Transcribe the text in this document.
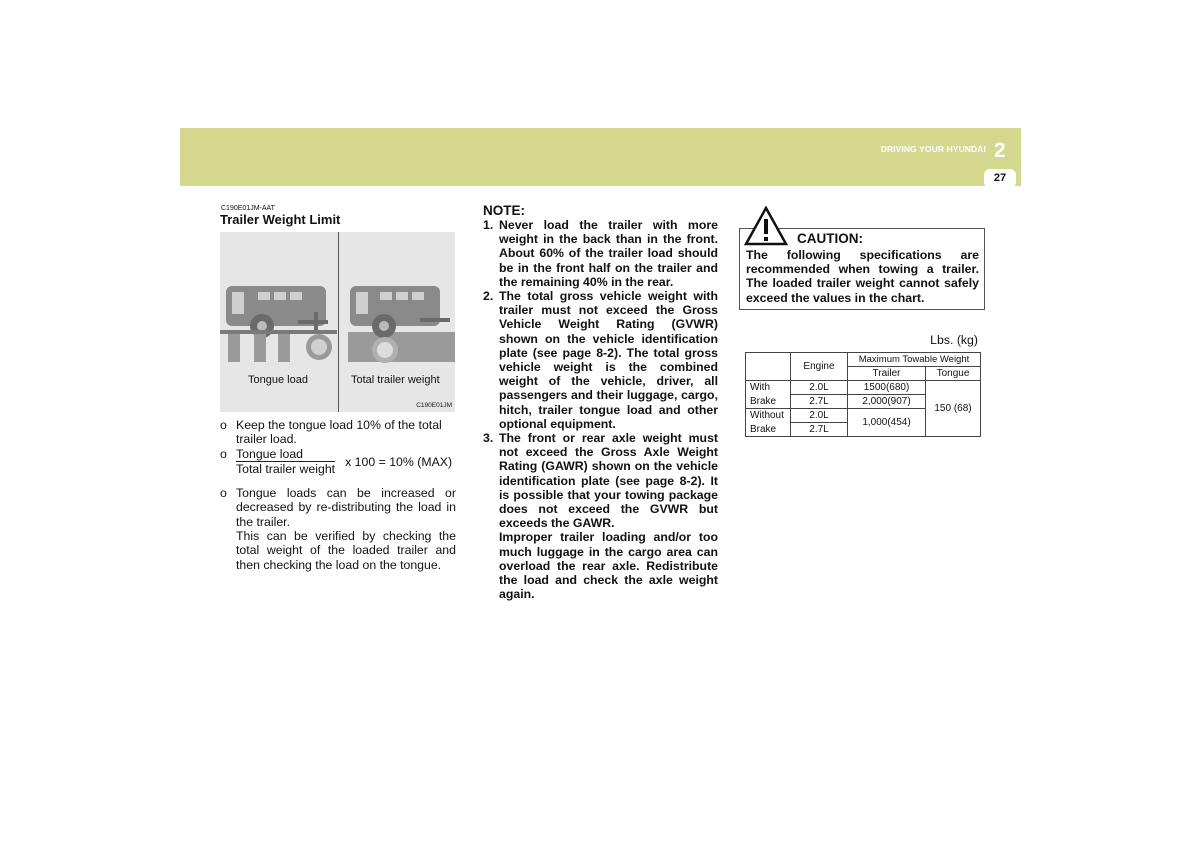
DRIVING YOUR HYUNDAI 2
27
C190E01JM-AAT
Trailer Weight Limit
Tongue load	Total trailer weight
C190E01JM
o Keep the tongue load 10% of the total trailer load.
o $\frac{\text{Tongue load}}{\text{Total trailer weight}}$ x 100 = 10% (MAX)
o Tongue loads can be increased or decreased by re-distributing the load in the trailer.
This can be verified by checking the total weight of the loaded trailer and then checking the load on the tongue.
NOTE:
1. Never load the trailer with more weight in the back than in the front. About 60% of the trailer load should be in the front half on the trailer and the remaining 40% in the rear.
2. The total gross vehicle weight with trailer must not exceed the Gross Vehicle Weight Rating (GVWR) shown on the vehicle identification plate (see page 8-2). The total gross vehicle weight is the combined weight of the vehicle, driver, all passengers and their luggage, cargo, hitch, trailer tongue load and other optional equipment.
3. The front or rear axle weight must not exceed the Gross Axle Weight Rating (GAWR) shown on the vehicle identification plate (see page 8-2). It is possible that your towing package does not exceed the GVWR but exceeds the GAWR.
Improper trailer loading and/or too much luggage in the cargo area can overload the rear axle. Redistribute the load and check the axle weight again.
CAUTION:
The following specifications are recommended when towing a trailer. The loaded trailer weight cannot safely exceed the values in the chart.
Lbs. (kg)
	Engine	Maximum Towable Weight	
		Trailer	Tongue
With	2.0L	1500(680)	150 (68)
Brake	2.7L	2,000(907)	
Without	2.0L	1,000(454)	
Brake	2.7L		
